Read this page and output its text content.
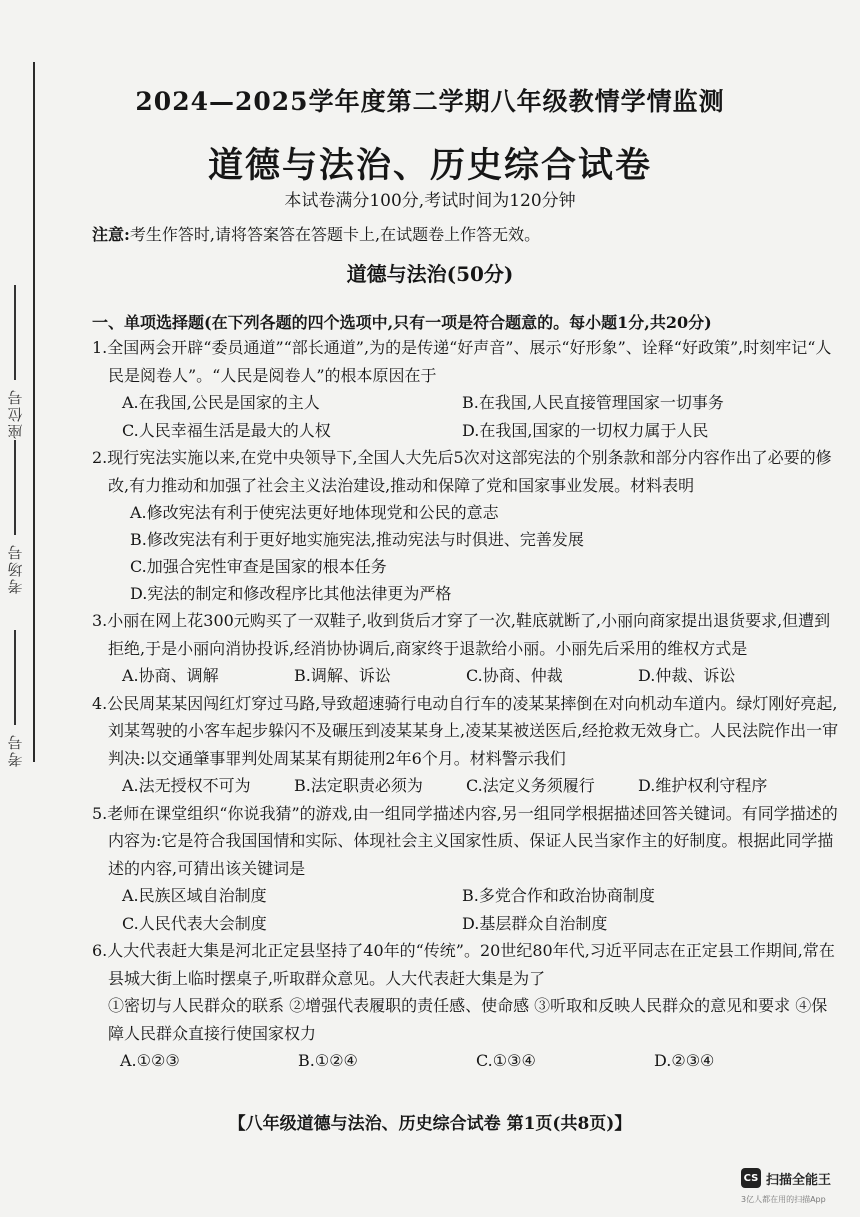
座位号
考场号
考号
2024—2025学年度第二学期八年级教情学情监测
道德与法治、历史综合试卷
本试卷满分100分,考试时间为120分钟
注意:考生作答时,请将答案答在答题卡上,在试题卷上作答无效。
道德与法治(50分)
一、单项选择题(在下列各题的四个选项中,只有一项是符合题意的。每小题1分,共20分)
1.全国两会开辟“委员通道”“部长通道”,为的是传递“好声音”、展示“好形象”、诠释“好政策”,时刻牢记“人民是阅卷人”。“人民是阅卷人”的根本原因在于
A.在我国,公民是国家的主人	B.在我国,人民直接管理国家一切事务
C.人民幸福生活是最大的人权	D.在我国,国家的一切权力属于人民
2.现行宪法实施以来,在党中央领导下,全国人大先后5次对这部宪法的个别条款和部分内容作出了必要的修改,有力推动和加强了社会主义法治建设,推动和保障了党和国家事业发展。材料表明
A.修改宪法有利于使宪法更好地体现党和公民的意志
B.修改宪法有利于更好地实施宪法,推动宪法与时俱进、完善发展
C.加强合宪性审查是国家的根本任务
D.宪法的制定和修改程序比其他法律更为严格
3.小丽在网上花300元购买了一双鞋子,收到货后才穿了一次,鞋底就断了,小丽向商家提出退货要求,但遭到拒绝,于是小丽向消协投诉,经消协协调后,商家终于退款给小丽。小丽先后采用的维权方式是
A.协商、调解	B.调解、诉讼	C.协商、仲裁	D.仲裁、诉讼
4.公民周某某因闯红灯穿过马路,导致超速骑行电动自行车的凌某某摔倒在对向机动车道内。绿灯刚好亮起,刘某驾驶的小客车起步躲闪不及碾压到凌某某身上,凌某某被送医后,经抢救无效身亡。人民法院作出一审判决:以交通肇事罪判处周某某有期徒刑2年6个月。材料警示我们
A.法无授权不可为	B.法定职责必须为	C.法定义务须履行	D.维护权利守程序
5.老师在课堂组织“你说我猜”的游戏,由一组同学描述内容,另一组同学根据描述回答关键词。有同学描述的内容为:它是符合我国国情和实际、体现社会主义国家性质、保证人民当家作主的好制度。根据此同学描述的内容,可猜出该关键词是
A.民族区域自治制度	B.多党合作和政治协商制度
C.人民代表大会制度	D.基层群众自治制度
6.人大代表赶大集是河北正定县坚持了40年的“传统”。20世纪80年代,习近平同志在正定县工作期间,常在县城大街上临时摆桌子,听取群众意见。人大代表赶大集是为了
①密切与人民群众的联系 ②增强代表履职的责任感、使命感 ③听取和反映人民群众的意见和要求 ④保障人民群众直接行使国家权力
A.①②③	B.①②④	C.①③④	D.②③④
【八年级道德与法治、历史综合试卷 第1页(共8页)】
CS 扫描全能王
3亿人都在用的扫描App
